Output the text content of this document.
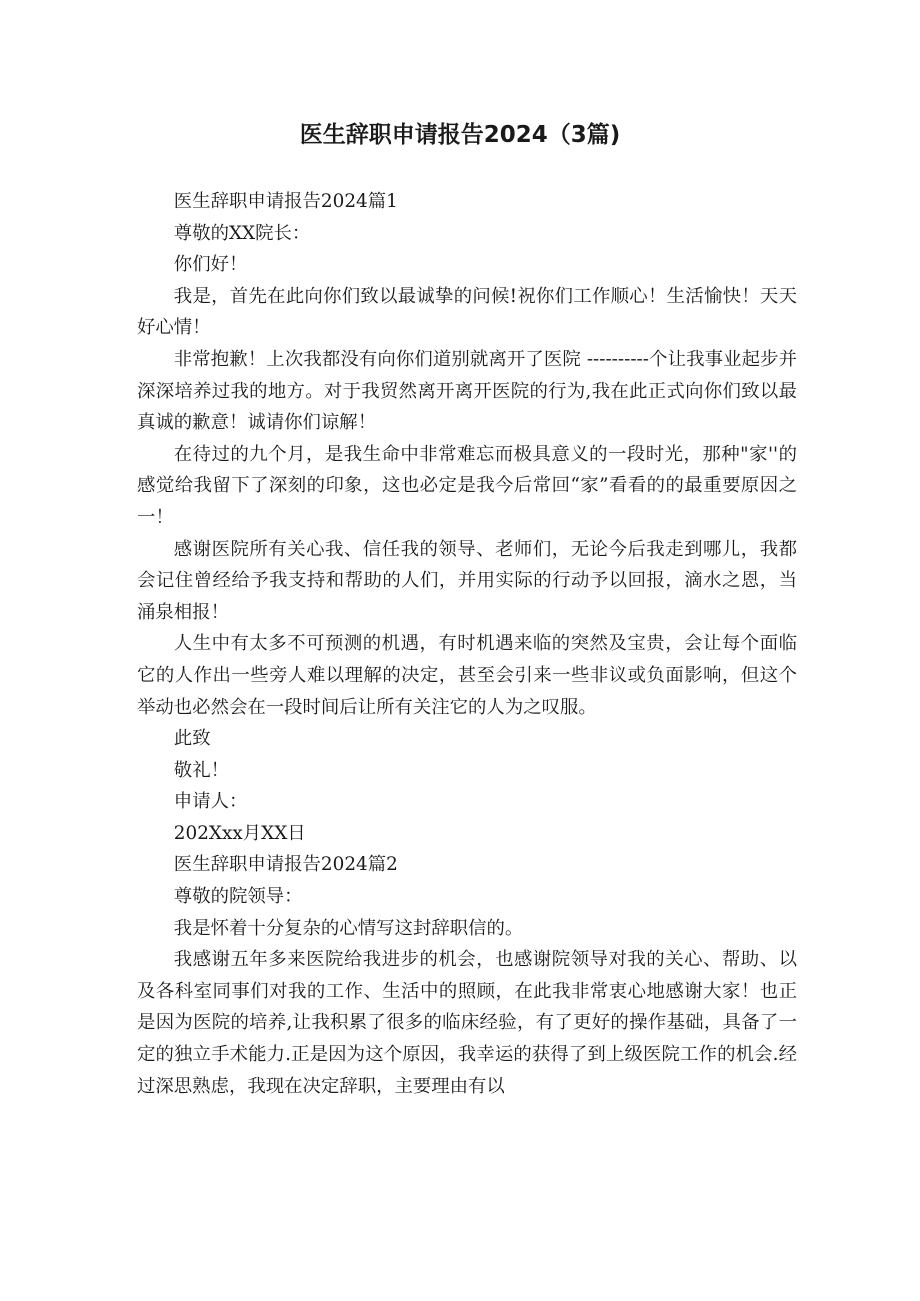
医生辞职申请报告2024（3篇)

医生辞职申请报告2024篇1

尊敬的XX院长：

你们好！

我是，首先在此向你们致以最诚挚的问候!祝你们工作顺心！生活愉快！天天好心情！

非常抱歉！上次我都没有向你们道别就离开了医院 ----------个让我事业起步并深深培养过我的地方。对于我贸然离开离开医院的行为,我在此正式向你们致以最真诚的歉意！诚请你们谅解！

在待过的九个月，是我生命中非常难忘而极具意义的一段时光，那种"家''的感觉给我留下了深刻的印象，这也必定是我今后常回“家”看看的的最重要原因之一！

感谢医院所有关心我、信任我的领导、老师们，无论今后我走到哪儿，我都会记住曾经给予我支持和帮助的人们，并用实际的行动予以回报，滴水之恩，当涌泉相报！

人生中有太多不可预测的机遇，有时机遇来临的突然及宝贵，会让每个面临它的人作出一些旁人难以理解的决定，甚至会引来一些非议或负面影响，但这个举动也必然会在一段时间后让所有关注它的人为之叹服。

此致

敬礼！

申请人：

202Xxx月XX日

医生辞职申请报告2024篇2

尊敬的院领导：

我是怀着十分复杂的心情写这封辞职信的。

我感谢五年多来医院给我进步的机会，也感谢院领导对我的关心、帮助、以及各科室同事们对我的工作、生活中的照顾，在此我非常衷心地感谢大家！也正是因为医院的培养,让我积累了很多的临床经验，有了更好的操作基础，具备了一定的独立手术能力.正是因为这个原因，我幸运的获得了到上级医院工作的机会.经过深思熟虑，我现在决定辞职，主要理由有以
